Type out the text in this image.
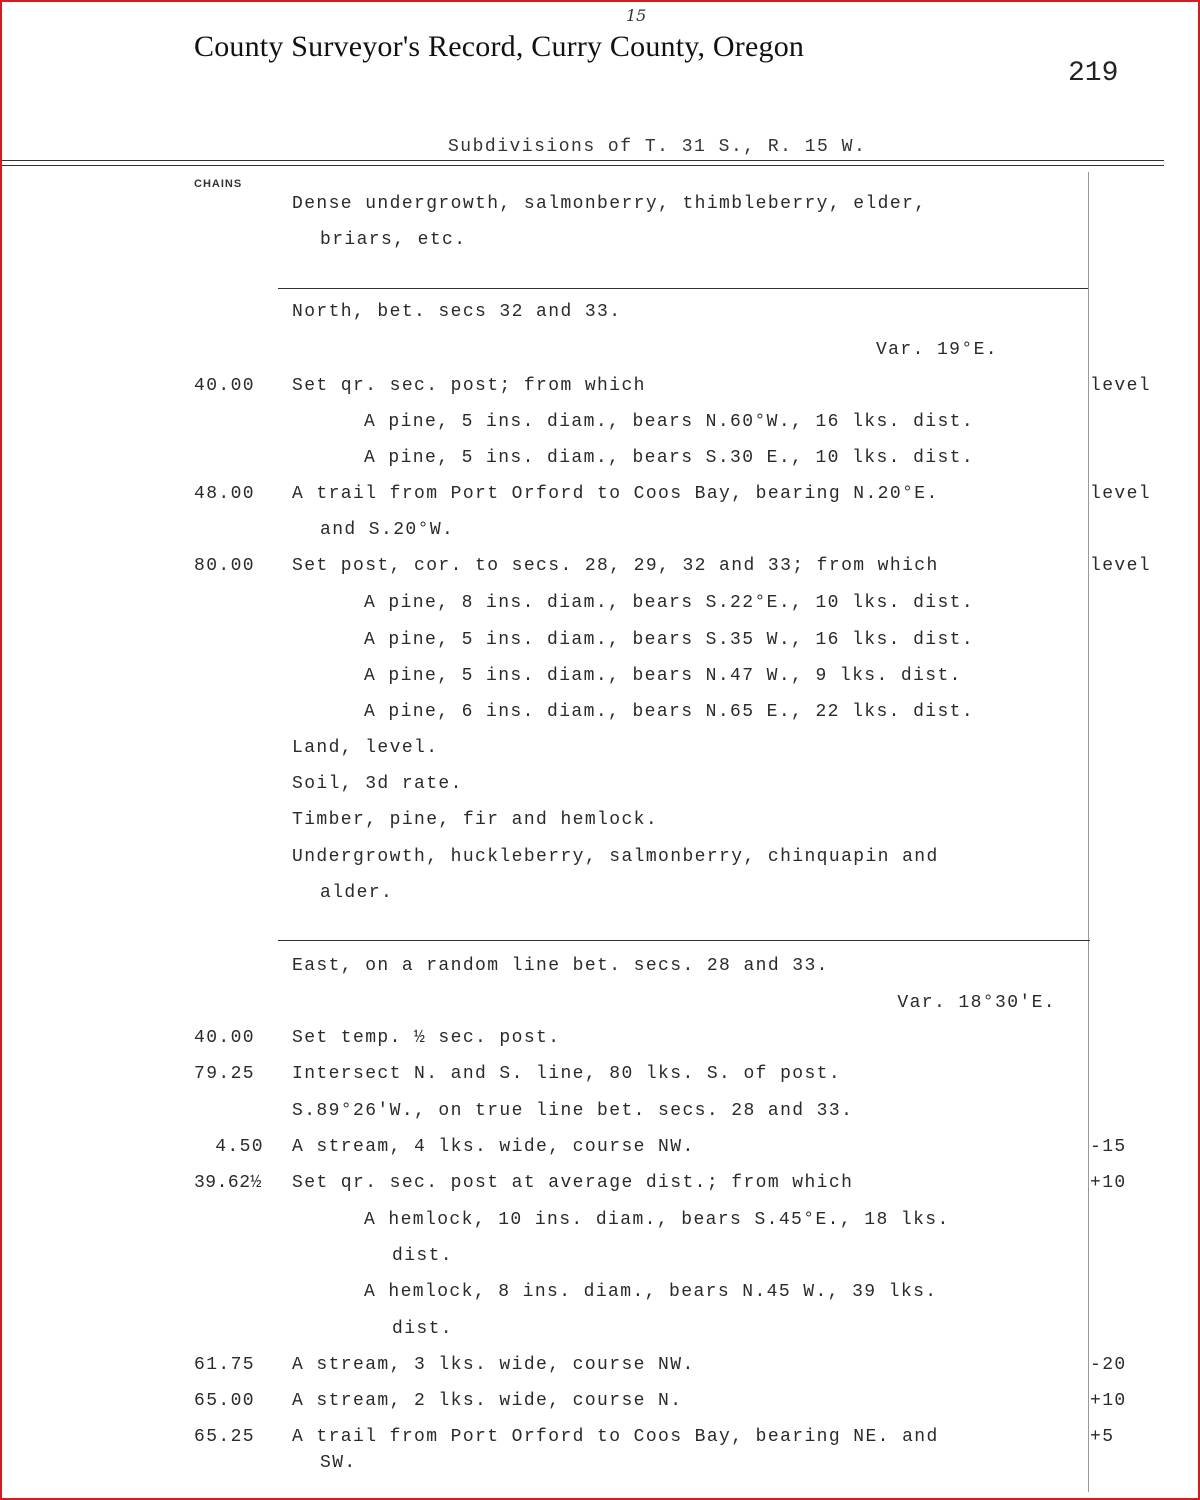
15
County Surveyor's Record, Curry County, Oregon
219
Subdivisions of T. 31 S., R. 15 W.
CHAINS
Dense undergrowth, salmonberry, thimbleberry, elder,
briars, etc.
North, bet. secs 32 and 33.
Var. 19°E.
40.00 Set qr. sec. post; from which	level
A pine, 5 ins. diam., bears N.60°W., 16 lks. dist.
A pine, 5 ins. diam., bears S.30 E., 10 lks. dist.
48.00 A trail from Port Orford to Coos Bay, bearing N.20°E.	level
and S.20°W.
80.00 Set post, cor. to secs. 28, 29, 32 and 33; from which	level
A pine, 8 ins. diam., bears S.22°E., 10 lks. dist.
A pine, 5 ins. diam., bears S.35 W., 16 lks. dist.
A pine, 5 ins. diam., bears N.47 W., 9 lks. dist.
A pine, 6 ins. diam., bears N.65 E., 22 lks. dist.
Land, level.
Soil, 3d rate.
Timber, pine, fir and hemlock.
Undergrowth, huckleberry, salmonberry, chinquapin and
alder.
East, on a random line bet. secs. 28 and 33.
Var. 18°30'E.
40.00 Set temp. ½ sec. post.
79.25 Intersect N. and S. line, 80 lks. S. of post.
S.89°26'W., on true line bet. secs. 28 and 33.
4.50 A stream, 4 lks. wide, course NW.	-15
39.62½ Set qr. sec. post at average dist.; from which	+10
A hemlock, 10 ins. diam., bears S.45°E., 18 lks.
dist.
A hemlock, 8 ins. diam., bears N.45 W., 39 lks.
dist.
61.75 A stream, 3 lks. wide, course NW.	-20
65.00 A stream, 2 lks. wide, course N.	+10
65.25 A trail from Port Orford to Coos Bay, bearing NE. and	+5
SW.
